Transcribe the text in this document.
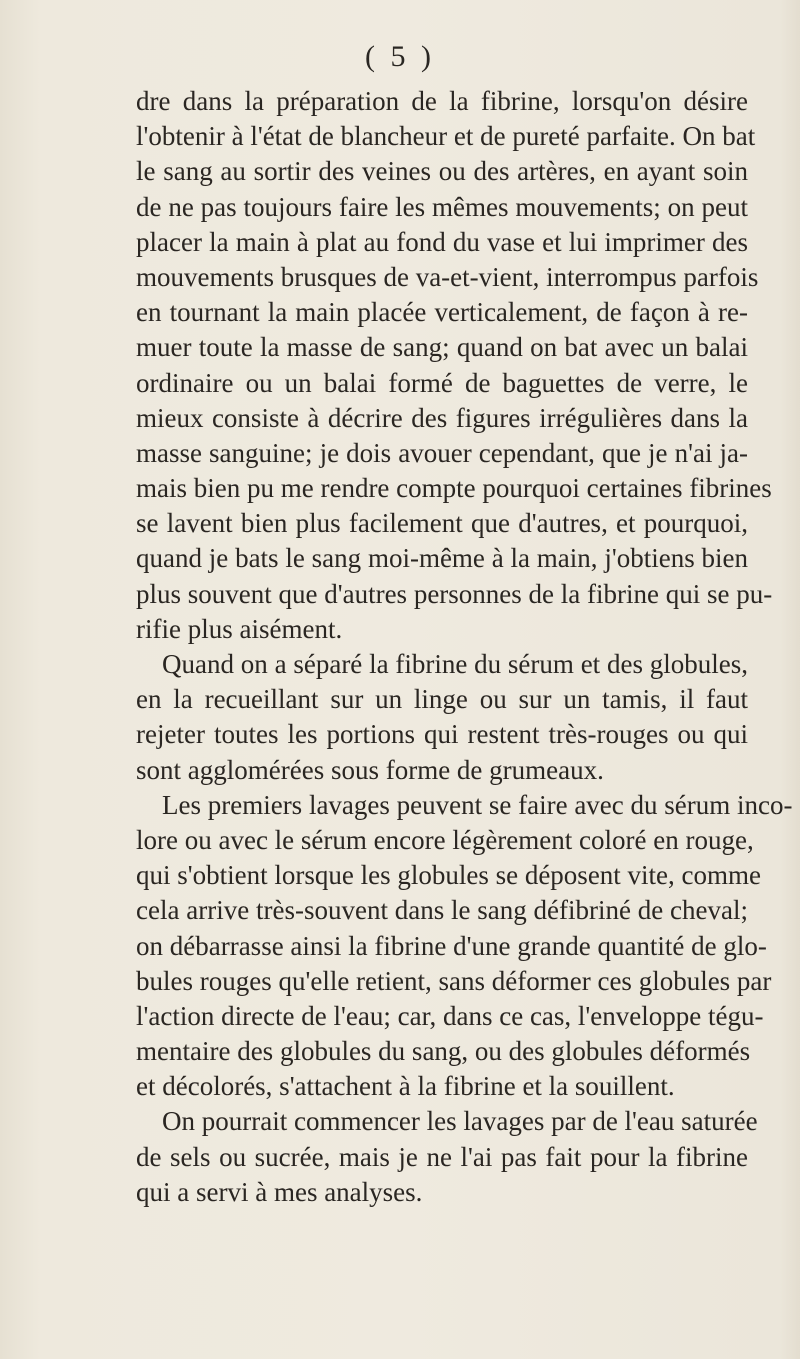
( 5 )
dre dans la préparation de la fibrine, lorsqu'on désire
l'obtenir à l'état de blancheur et de pureté parfaite. On bat
le sang au sortir des veines ou des artères, en ayant soin
de ne pas toujours faire les mêmes mouvements; on peut
placer la main à plat au fond du vase et lui imprimer des
mouvements brusques de va-et-vient, interrompus parfois
en tournant la main placée verticalement, de façon à re-
muer toute la masse de sang; quand on bat avec un balai
ordinaire ou un balai formé de baguettes de verre, le
mieux consiste à décrire des figures irrégulières dans la
masse sanguine; je dois avouer cependant, que je n'ai ja-
mais bien pu me rendre compte pourquoi certaines fibrines
se lavent bien plus facilement que d'autres, et pourquoi,
quand je bats le sang moi-même à la main, j'obtiens bien
plus souvent que d'autres personnes de la fibrine qui se pu-
rifie plus aisément.
Quand on a séparé la fibrine du sérum et des globules,
en la recueillant sur un linge ou sur un tamis, il faut
rejeter toutes les portions qui restent très-rouges ou qui
sont agglomérées sous forme de grumeaux.
Les premiers lavages peuvent se faire avec du sérum inco-
lore ou avec le sérum encore légèrement coloré en rouge,
qui s'obtient lorsque les globules se déposent vite, comme
cela arrive très-souvent dans le sang défibriné de cheval;
on débarrasse ainsi la fibrine d'une grande quantité de glo-
bules rouges qu'elle retient, sans déformer ces globules par
l'action directe de l'eau; car, dans ce cas, l'enveloppe tégu-
mentaire des globules du sang, ou des globules déformés
et décolorés, s'attachent à la fibrine et la souillent.
On pourrait commencer les lavages par de l'eau saturée
de sels ou sucrée, mais je ne l'ai pas fait pour la fibrine
qui a servi à mes analyses.
